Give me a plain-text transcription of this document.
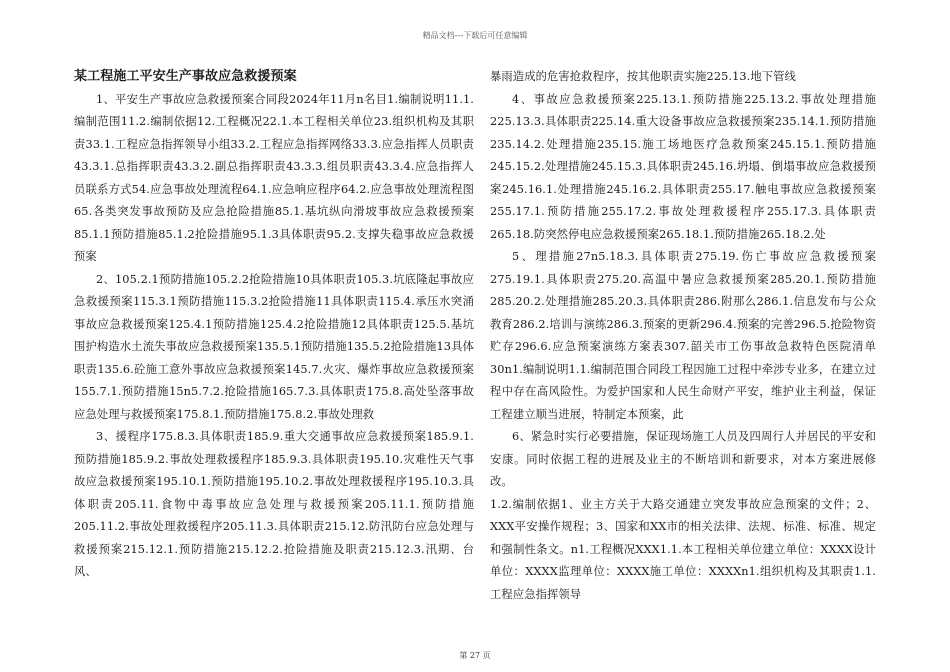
精品文档---下载后可任意编辑

某工程施工平安生产事故应急救援预案

1、平安生产事故应急救援预案合同段2024年11月n名目1.编制说明11.1.编制范围11.2.编制依据12.工程概况22.1.本工程相关单位23.组织机构及其职责33.1.工程应急指挥领导小组33.2.工程应急指挥网络33.3.应急指挥人员职责43.3.1.总指挥职责43.3.2.副总指挥职责43.3.3.组员职责43.3.4.应急指挥人员联系方式54.应急事故处理流程64.1.应急响应程序64.2.应急事故处理流程图65.各类突发事故预防及应急抢险措施85.1.基坑纵向滑坡事故应急救援预案85.1.1预防措施85.1.2抢险措施95.1.3具体职责95.2.支撑失稳事故应急救援预案

2、105.2.1预防措施105.2.2抢险措施10具体职责105.3.坑底隆起事故应急救援预案115.3.1预防措施115.3.2抢险措施11具体职责115.4.承压水突涌事故应急救援预案125.4.1预防措施125.4.2抢险措施12具体职责125.5.基坑围护构造水土流失事故应急救援预案135.5.1预防措施135.5.2抢险措施13具体职责135.6.砼施工意外事故应急救援预案145.7.火灾、爆炸事故应急救援预案155.7.1.预防措施15n5.7.2.抢险措施165.7.3.具体职责175.8.高处坠落事故应急处理与救援预案175.8.1.预防措施175.8.2.事故处理救

3、援程序175.8.3.具体职责185.9.重大交通事故应急救援预案185.9.1.预防措施185.9.2.事故处理救援程序185.9.3.具体职责195.10.灾难性天气事故应急救援预案195.10.1.预防措施195.10.2.事故处理救援程序195.10.3.具体职责205.11.食物中毒事故应急处理与救援预案205.11.1.预防措施205.11.2.事故处理救援程序205.11.3.具体职责215.12.防汛防台应急处理与救援预案215.12.1.预防措施215.12.2.抢险措施及职责215.12.3.汛期、台风、

暴雨造成的危害抢救程序，按其他职责实施225.13.地下管线

4、事故应急救援预案225.13.1.预防措施225.13.2.事故处理措施225.13.3.具体职责225.14.重大设备事故应急救援预案235.14.1.预防措施235.14.2.处理措施235.15.施工场地医疗急救预案245.15.1.预防措施245.15.2.处理措施245.15.3.具体职责245.16.坍塌、倒塌事故应急救援预案245.16.1.处理措施245.16.2.具体职责255.17.触电事故应急救援预案255.17.1.预防措施255.17.2.事故处理救援程序255.17.3.具体职责265.18.防突然停电应急救援预案265.18.1.预防措施265.18.2.处

5、理措施27n5.18.3.具体职责275.19.伤亡事故应急救援预案275.19.1.具体职责275.20.高温中暑应急救援预案285.20.1.预防措施285.20.2.处理措施285.20.3.具体职责286.附那么286.1.信息发布与公众教育286.2.培训与演练286.3.预案的更新296.4.预案的完善296.5.抢险物资贮存296.6.应急预案演练方案表307.韶关市工伤事故急救特色医院清单30n1.编制说明1.1.编制范围合同段工程因施工过程中牵涉专业多，在建立过程中存在高风险性。为爱护国家和人民生命财产平安，维护业主利益，保证工程建立顺当进展，特制定本预案，此

6、紧急时实行必要措施，保证现场施工人员及四周行人并居民的平安和安康。同时依据工程的进展及业主的不断培训和新要求，对本方案进展修改。

1.2.编制依据1、业主方关于大路交通建立突发事故应急预案的文件；2、XXX平安操作规程；3、国家和XX市的相关法律、法规、标准、标准、规定和强制性条文。n1.工程概况XXX1.1.本工程相关单位建立单位：XXXX设计单位：XXXX监理单位：XXXX施工单位：XXXXn1.组织机构及其职责1.1.工程应急指挥领导

第 27 页
